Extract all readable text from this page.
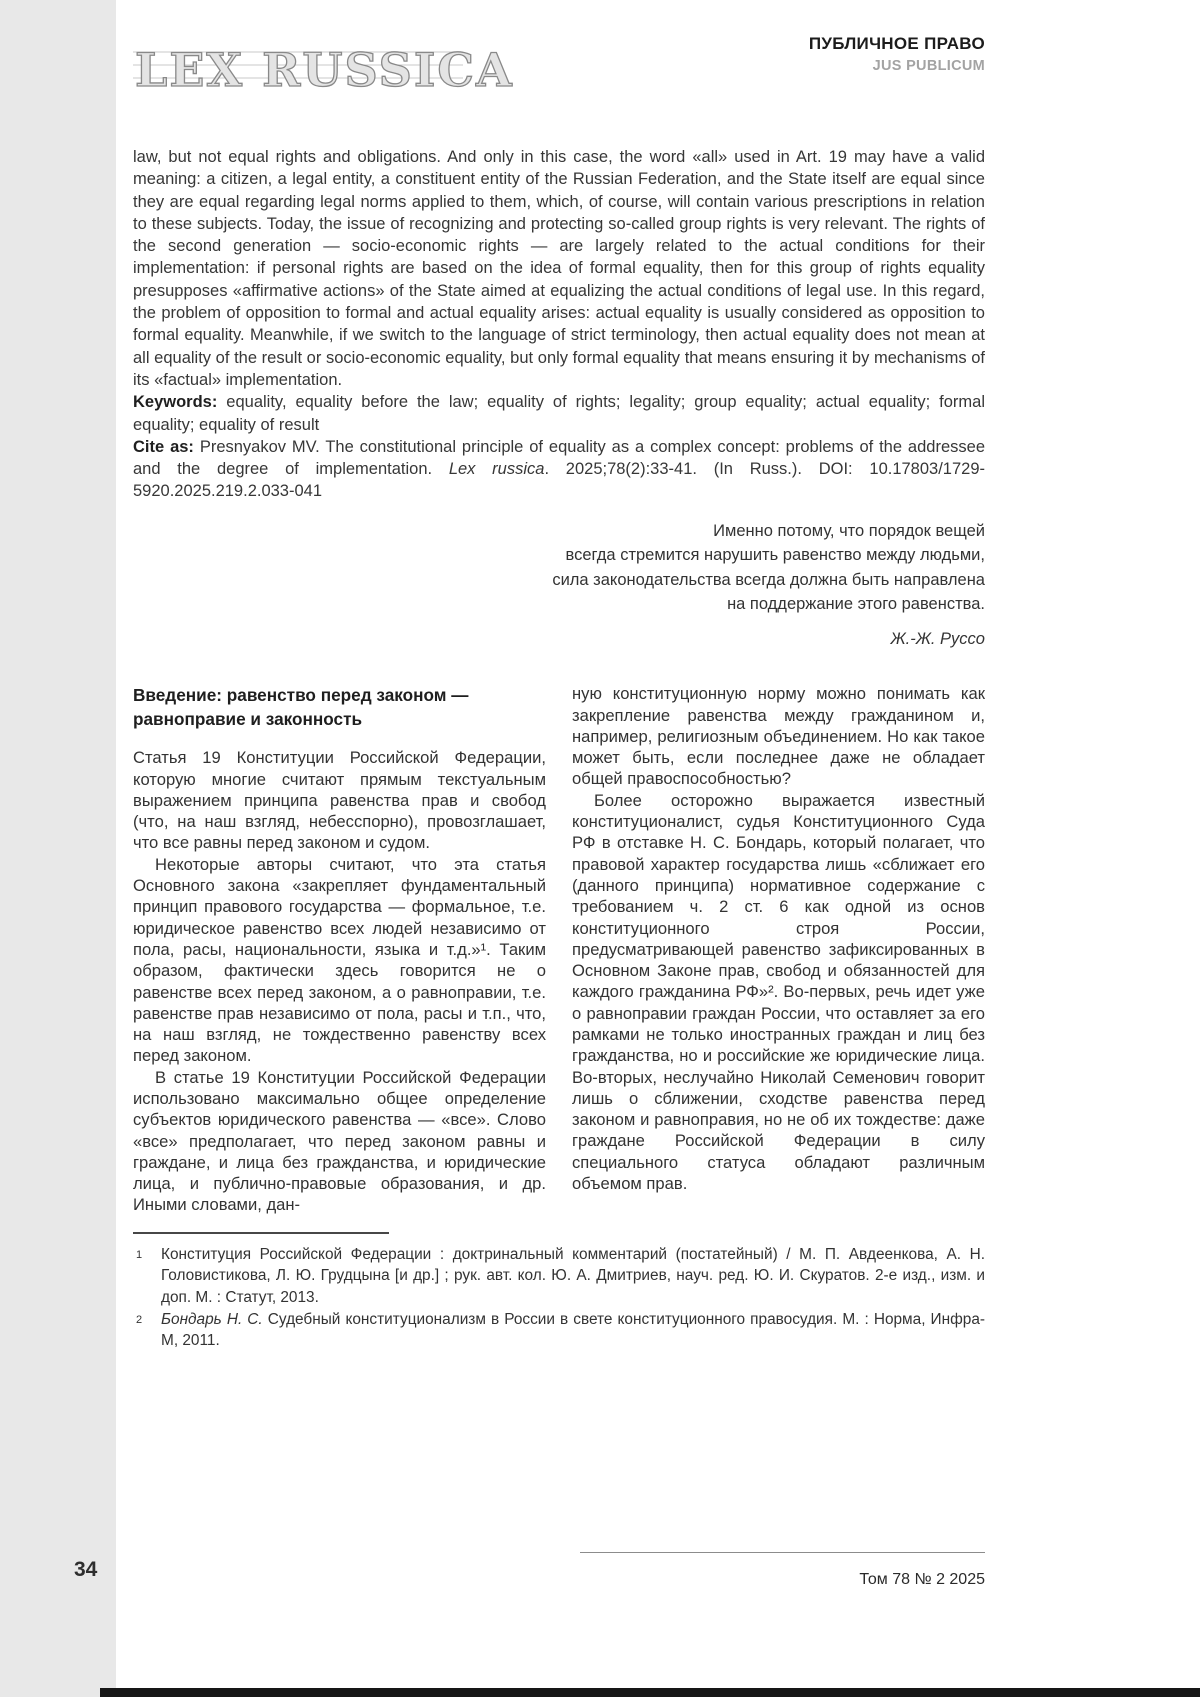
LEX RUSSICA	ПУБЛИЧНОЕ ПРАВО
JUS PUBLICUM

law, but not equal rights and obligations. And only in this case, the word «all» used in Art. 19 may have a valid meaning: a citizen, a legal entity, a constituent entity of the Russian Federation, and the State itself are equal since they are equal regarding legal norms applied to them, which, of course, will contain various prescriptions in relation to these subjects. Today, the issue of recognizing and protecting so-called group rights is very relevant. The rights of the second generation — socio-economic rights — are largely related to the actual conditions for their implementation: if personal rights are based on the idea of formal equality, then for this group of rights equality presupposes «affirmative actions» of the State aimed at equalizing the actual conditions of legal use. In this regard, the problem of opposition to formal and actual equality arises: actual equality is usually considered as opposition to formal equality. Meanwhile, if we switch to the language of strict terminology, then actual equality does not mean at all equality of the result or socio-economic equality, but only formal equality that means ensuring it by mechanisms of its «factual» implementation.

Keywords: equality, equality before the law; equality of rights; legality; group equality; actual equality; formal equality; equality of result

Cite as: Presnyakov MV. The constitutional principle of equality as a complex concept: problems of the addressee and the degree of implementation. Lex russica. 2025;78(2):33-41. (In Russ.). DOI: 10.17803/1729-5920.2025.219.2.033-041

Именно потому, что порядок вещей
всегда стремится нарушить равенство между людьми,
сила законодательства всегда должна быть направлена
на поддержание этого равенства.
Ж.-Ж. Руссо
Введение: равенство перед законом — равноправие и законность

Статья 19 Конституции Российской Федерации, которую многие считают прямым текстуальным выражением принципа равенства прав и свобод (что, на наш взгляд, небесспорно), провозглашает, что все равны перед законом и судом.

Некоторые авторы считают, что эта статья Основного закона «закрепляет фундаментальный принцип правового государства — формальное, т.е. юридическое равенство всех людей независимо от пола, расы, национальности, языка и т.д.»¹. Таким образом, фактически здесь говорится не о равенстве всех перед законом, а о равноправии, т.е. равенстве прав независимо от пола, расы и т.п., что, на наш взгляд, не тождественно равенству всех перед законом.

В статье 19 Конституции Российской Федерации использовано максимально общее определение субъектов юридического равенства — «все». Слово «все» предполагает, что перед законом равны и граждане, и лица без гражданства, и юридические лица, и публично-правовые образования, и др. Иными словами, дан-

ную конституционную норму можно понимать как закрепление равенства между гражданином и, например, религиозным объединением. Но как такое может быть, если последнее даже не обладает общей правоспособностью?

Более осторожно выражается известный конституционалист, судья Конституционного Суда РФ в отставке Н. С. Бондарь, который полагает, что правовой характер государства лишь «сближает его (данного принципа) нормативное содержание с требованием ч. 2 ст. 6 как одной из основ конституционного строя России, предусматривающей равенство зафиксированных в Основном Законе прав, свобод и обязанностей для каждого гражданина РФ»². Во-первых, речь идет уже о равноправии граждан России, что оставляет за его рамками не только иностранных граждан и лиц без гражданства, но и российские же юридические лица. Во-вторых, неслучайно Николай Семенович говорит лишь о сближении, сходстве равенства перед законом и равноправия, но не об их тождестве: даже граждане Российской Федерации в силу специального статуса обладают различным объемом прав.

1	Конституция Российской Федерации : доктринальный комментарий (постатейный) / М. П. Авдеенкова, А. Н. Головистикова, Л. Ю. Грудцына [и др.] ; рук. авт. кол. Ю. А. Дмитриев, науч. ред. Ю. И. Скуратов. 2-е изд., изм. и доп. М. : Статут, 2013.

2	Бондарь Н. С. Судебный конституционализм в России в свете конституционного правосудия. М. : Норма, Инфра-М, 2011.

Том 78 № 2 2025
34
